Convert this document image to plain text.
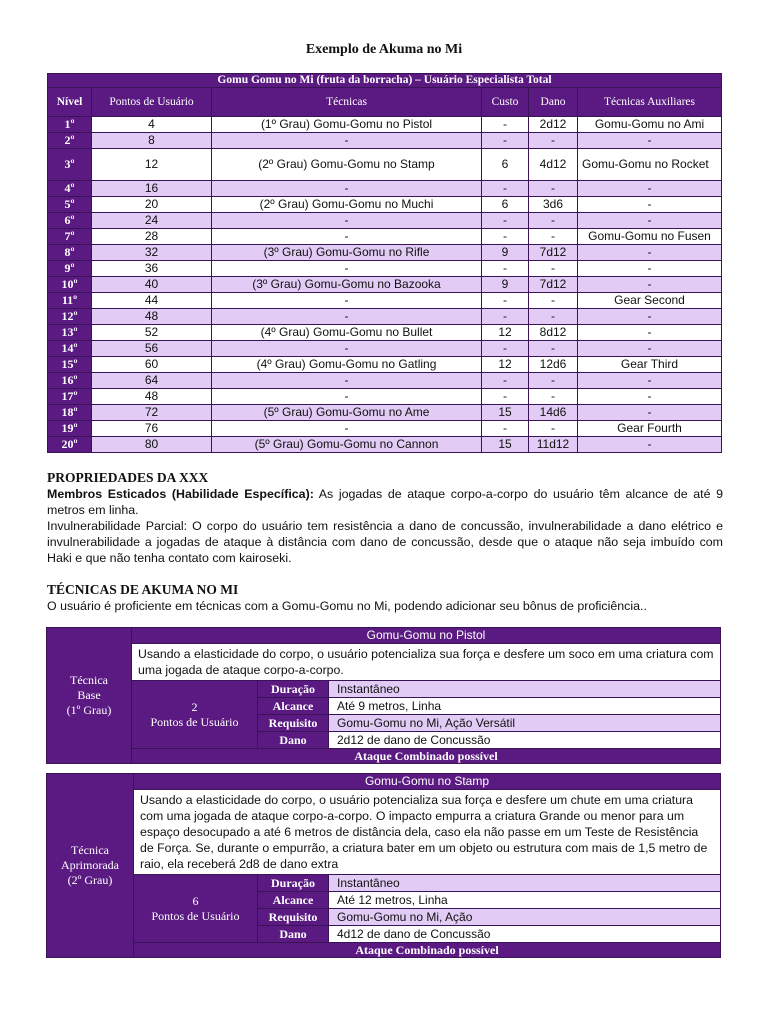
Exemplo de Akuma no Mi
Gomu Gomu no Mi (fruta da borracha) – Usuário Especialista Total					
Nível	Pontos de Usuário	Técnicas	Custo	Dano	Técnicas Auxiliares
1º	4	(1º Grau) Gomu-Gomu no Pistol	-	2d12	Gomu-Gomu no Ami
2º	8	-	-	-	-
3º	12	(2º Grau) Gomu-Gomu no Stamp	6	4d12	Gomu-Gomu no Rocket
4º	16	-	-	-	-
5º	20	(2º Grau) Gomu-Gomu no Muchi	6	3d6	-
6º	24	-	-	-	-
7º	28	-	-	-	Gomu-Gomu no Fusen
8º	32	(3º Grau) Gomu-Gomu no Rifle	9	7d12	-
9º	36	-	-	-	-
10º	40	(3º Grau) Gomu-Gomu no Bazooka	9	7d12	-
11º	44	-	-	-	Gear Second
12º	48	-	-	-	-
13º	52	(4º Grau) Gomu-Gomu no Bullet	12	8d12	-
14º	56	-	-	-	-
15º	60	(4º Grau) Gomu-Gomu no Gatling	12	12d6	Gear Third
16º	64	-	-	-	-
17º	48	-	-	-	-
18º	72	(5º Grau) Gomu-Gomu no Ame	15	14d6	-
19º	76	-	-	-	Gear Fourth
20º	80	(5º Grau) Gomu-Gomu no Cannon	15	11d12	-
PROPRIEDADES DA XXX
Membros Esticados (Habilidade Específica): As jogadas de ataque corpo-a-corpo do usuário têm alcance de até 9 metros em linha.
Invulnerabilidade Parcial: O corpo do usuário tem resistência a dano de concussão, invulnerabilidade a dano elétrico e invulnerabilidade a jogadas de ataque à distância com dano de concussão, desde que o ataque não seja imbuído com Haki e que não tenha contato com kairoseki.
TÉCNICAS DE AKUMA NO MI
O usuário é proficiente em técnicas com a Gomu-Gomu no Mi, podendo adicionar seu bônus de proficiência..
Técnica
Base
(1º Grau)	Gomu-Gomu no Pistol		
	Usando a elasticidade do corpo, o usuário potencializa sua força e desfere um soco em uma criatura com uma jogada de ataque corpo-a-corpo.		
	2
Pontos de Usuário	Duração	Instantâneo
		Alcance	Até 9 metros, Linha
		Requisito	Gomu-Gomu no Mi, Ação Versátil
		Dano	2d12 de dano de Concussão
	Ataque Combinado possível		
Técnica
Aprimorada
(2º Grau)	Gomu-Gomu no Stamp		
	Usando a elasticidade do corpo, o usuário potencializa sua força e desfere um chute em uma criatura com uma jogada de ataque corpo-a-corpo. O impacto empurra a criatura Grande ou menor para um espaço desocupado a até 6 metros de distância dela, caso ela não passe em um Teste de Resistência de Força. Se, durante o empurrão, a criatura bater em um objeto ou estrutura com mais de 1,5 metro de raio, ela receberá 2d8 de dano extra		
	6
Pontos de Usuário	Duração	Instantâneo
		Alcance	Até 12 metros, Linha
		Requisito	Gomu-Gomu no Mi, Ação
		Dano	4d12 de dano de Concussão
	Ataque Combinado possível		
